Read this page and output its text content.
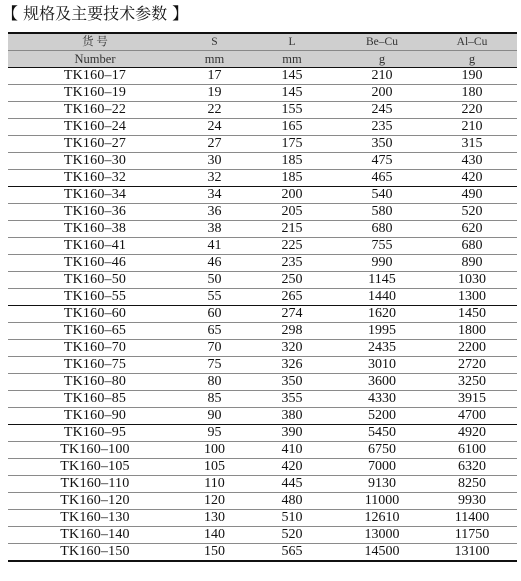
【 规格及主要技术参数 】
货 号	S	L	Be–Cu	Al–Cu
Number	mm	mm	g	g
TK160–17	17	145	210	190
TK160–19	19	145	200	180
TK160–22	22	155	245	220
TK160–24	24	165	235	210
TK160–27	27	175	350	315
TK160–30	30	185	475	430
TK160–32	32	185	465	420
TK160–34	34	200	540	490
TK160–36	36	205	580	520
TK160–38	38	215	680	620
TK160–41	41	225	755	680
TK160–46	46	235	990	890
TK160–50	50	250	1145	1030
TK160–55	55	265	1440	1300
TK160–60	60	274	1620	1450
TK160–65	65	298	1995	1800
TK160–70	70	320	2435	2200
TK160–75	75	326	3010	2720
TK160–80	80	350	3600	3250
TK160–85	85	355	4330	3915
TK160–90	90	380	5200	4700
TK160–95	95	390	5450	4920
TK160–100	100	410	6750	6100
TK160–105	105	420	7000	6320
TK160–110	110	445	9130	8250
TK160–120	120	480	11000	9930
TK160–130	130	510	12610	11400
TK160–140	140	520	13000	11750
TK160–150	150	565	14500	13100
